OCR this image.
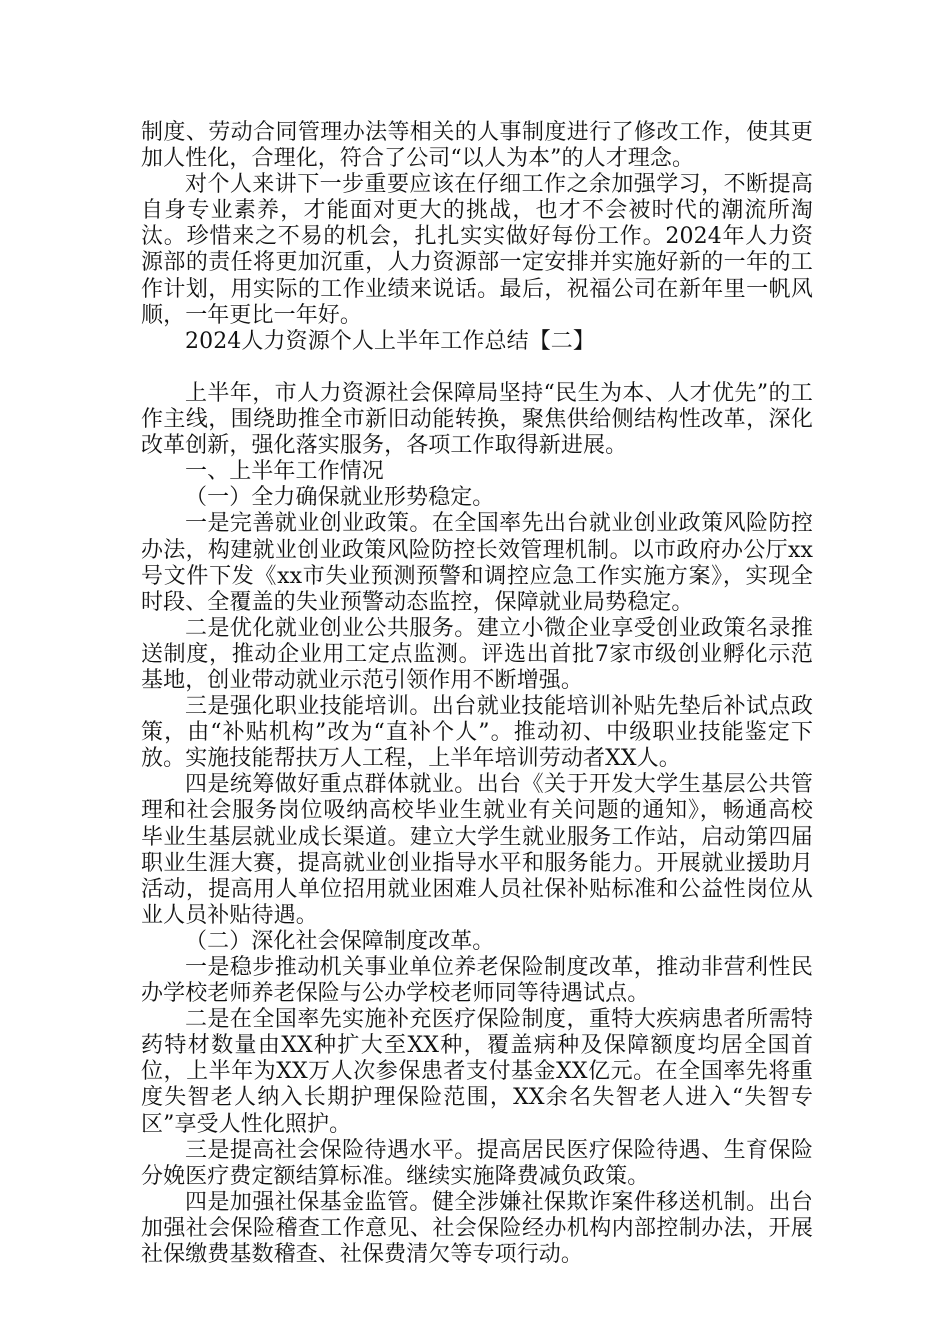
制度、劳动合同管理办法等相关的人事制度进行了修改工作，使其更加人性化，合理化，符合了公司“以人为本”的人才理念。

对个人来讲下一步重要应该在仔细工作之余加强学习，不断提高自身专业素养，才能面对更大的挑战，也才不会被时代的潮流所淘汰。珍惜来之不易的机会，扎扎实实做好每份工作。2024年人力资源部的责任将更加沉重，人力资源部一定安排并实施好新的一年的工作计划，用实际的工作业绩来说话。最后，祝福公司在新年里一帆风顺，一年更比一年好。

2024人力资源个人上半年工作总结【二】

上半年，市人力资源社会保障局坚持“民生为本、人才优先”的工作主线，围绕助推全市新旧动能转换，聚焦供给侧结构性改革，深化改革创新，强化落实服务，各项工作取得新进展。

一、上半年工作情况

（一）全力确保就业形势稳定。

一是完善就业创业政策。在全国率先出台就业创业政策风险防控办法，构建就业创业政策风险防控长效管理机制。以市政府办公厅xx号文件下发《xx市失业预测预警和调控应急工作实施方案》，实现全时段、全覆盖的失业预警动态监控，保障就业局势稳定。

二是优化就业创业公共服务。建立小微企业享受创业政策名录推送制度，推动企业用工定点监测。评选出首批7家市级创业孵化示范基地，创业带动就业示范引领作用不断增强。

三是强化职业技能培训。出台就业技能培训补贴先垫后补试点政策，由“补贴机构”改为“直补个人”。推动初、中级职业技能鉴定下放。实施技能帮扶万人工程，上半年培训劳动者XX人。

四是统筹做好重点群体就业。出台《关于开发大学生基层公共管理和社会服务岗位吸纳高校毕业生就业有关问题的通知》，畅通高校毕业生基层就业成长渠道。建立大学生就业服务工作站，启动第四届职业生涯大赛，提高就业创业指导水平和服务能力。开展就业援助月活动，提高用人单位招用就业困难人员社保补贴标准和公益性岗位从业人员补贴待遇。

（二）深化社会保障制度改革。

一是稳步推动机关事业单位养老保险制度改革，推动非营利性民办学校老师养老保险与公办学校老师同等待遇试点。

二是在全国率先实施补充医疗保险制度，重特大疾病患者所需特药特材数量由XX种扩大至XX种，覆盖病种及保障额度均居全国首位，上半年为XX万人次参保患者支付基金XX亿元。在全国率先将重度失智老人纳入长期护理保险范围，XX余名失智老人进入“失智专区”享受人性化照护。

三是提高社会保险待遇水平。提高居民医疗保险待遇、生育保险分娩医疗费定额结算标准。继续实施降费减负政策。

四是加强社保基金监管。健全涉嫌社保欺诈案件移送机制。出台加强社会保险稽查工作意见、社会保险经办机构内部控制办法，开展社保缴费基数稽查、社保费清欠等专项行动。
